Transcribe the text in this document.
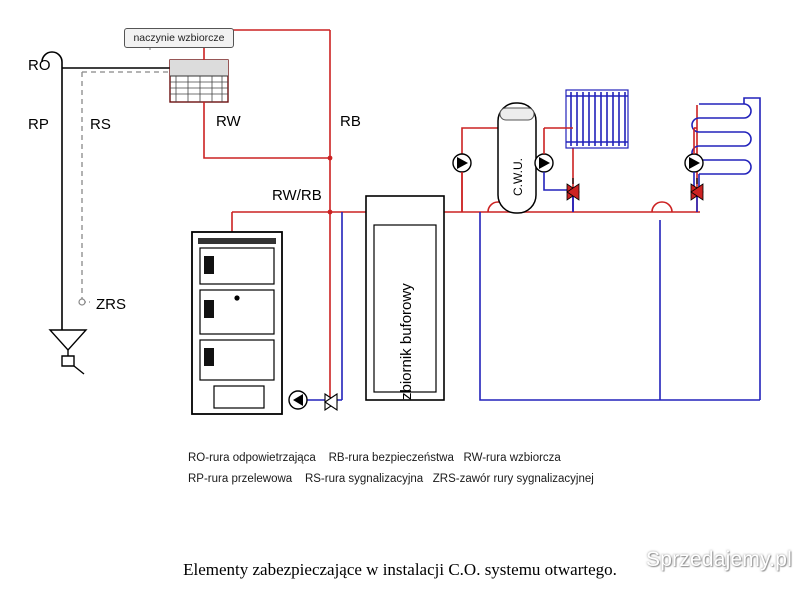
naczynie wzbiorcze
RO
RP	RS	RW	RB
ZRS
RW/RB
zbiornik buforowy
C.W.U.
RO-rura odpowietrzająca    RB-rura bezpieczeństwa   RW-rura wzbiorcza
RP-rura przelewowa    RS-rura sygnalizacyjna   ZRS-zawór rury sygnalizacyjnej
Elementy zabezpieczające w instalacji C.O. systemu otwartego.	Sprzedajemy.pl
